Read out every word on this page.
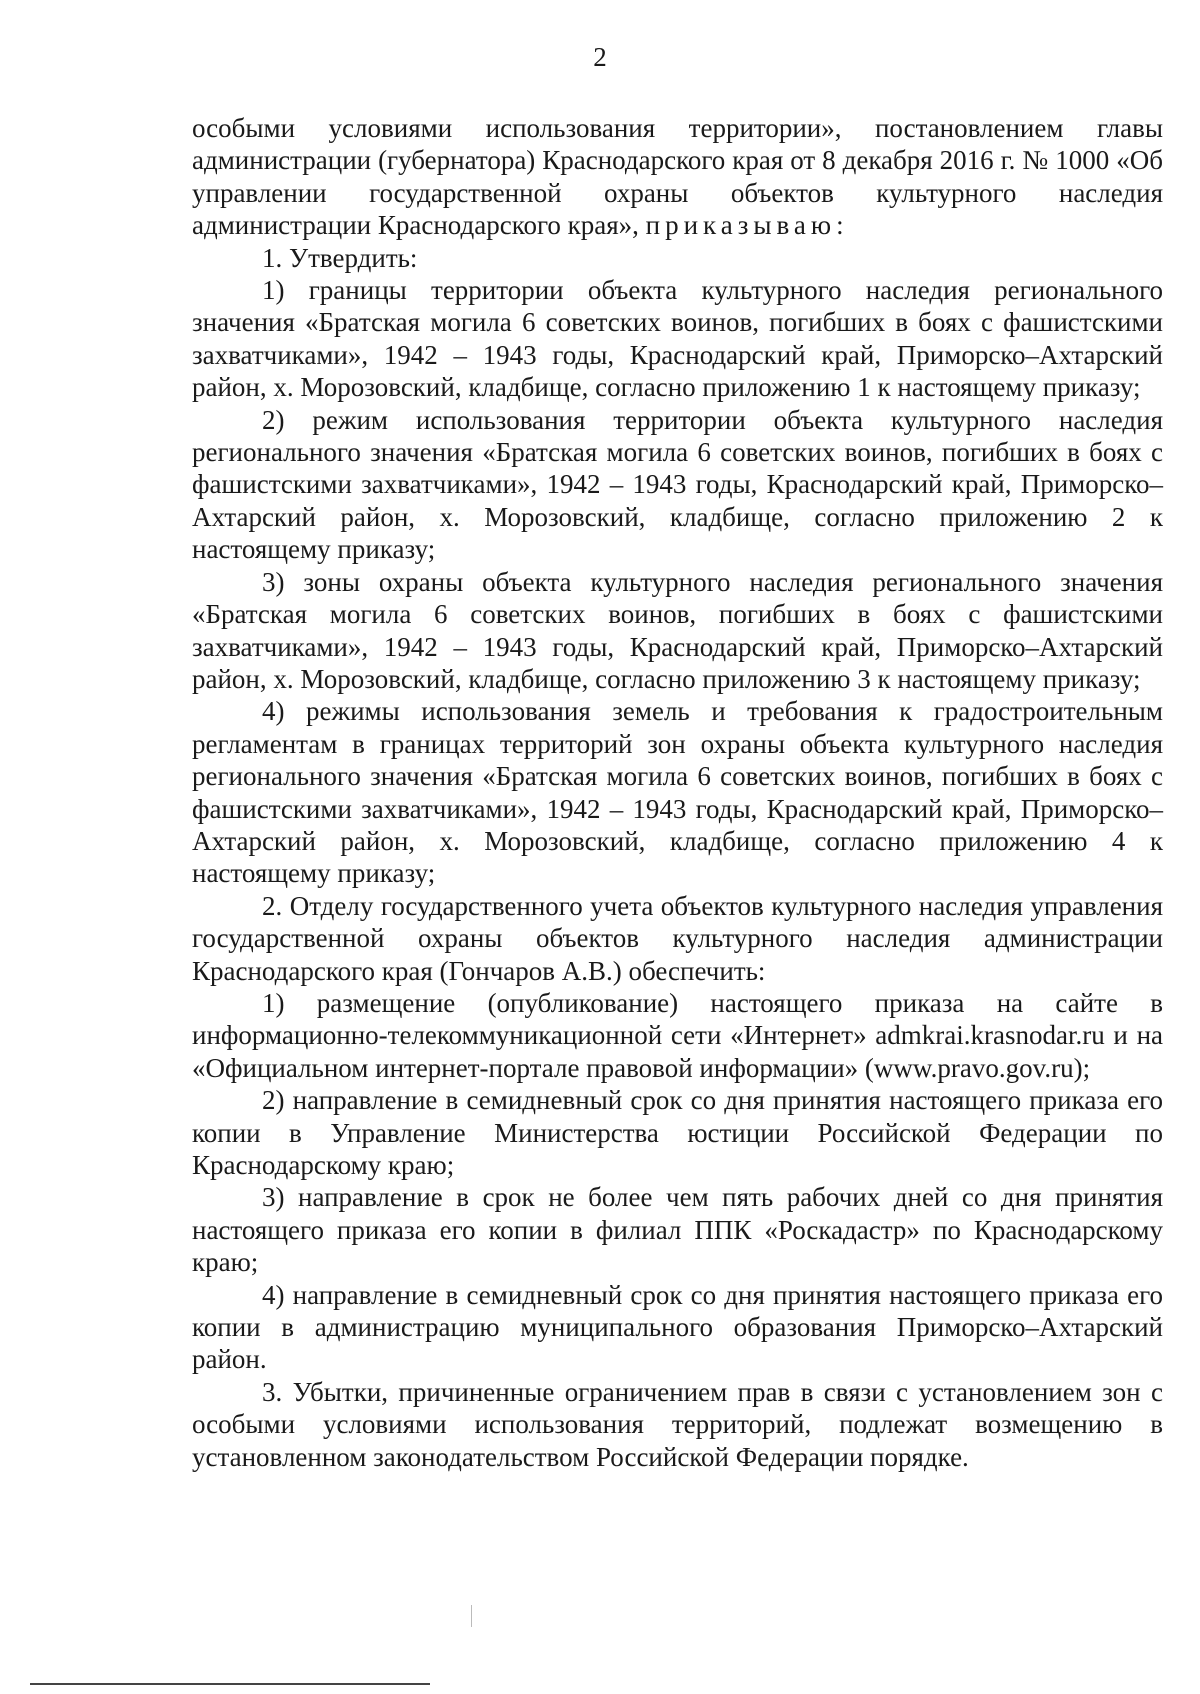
2

особыми условиями использования территории», постановлением главы администрации (губернатора) Краснодарского края от 8 декабря 2016 г. № 1000 «Об управлении государственной охраны объектов культурного наследия администрации Краснодарского края», приказываю:

1. Утвердить:

1) границы территории объекта культурного наследия регионального значения «Братская могила 6 советских воинов, погибших в боях с фашистскими захватчиками», 1942 – 1943 годы, Краснодарский край, Приморско–Ахтарский район, х. Морозовский, кладбище, согласно приложению 1 к настоящему приказу;

2) режим использования территории объекта культурного наследия регионального значения «Братская могила 6 советских воинов, погибших в боях с фашистскими захватчиками», 1942 – 1943 годы, Краснодарский край, Приморско–Ахтарский район, х. Морозовский, кладбище, согласно приложению 2 к настоящему приказу;

3) зоны охраны объекта культурного наследия регионального значения «Братская могила 6 советских воинов, погибших в боях с фашистскими захватчиками», 1942 – 1943 годы, Краснодарский край, Приморско–Ахтарский район, х. Морозовский, кладбище, согласно приложению 3 к настоящему приказу;

4) режимы использования земель и требования к градостроительным регламентам в границах территорий зон охраны объекта культурного наследия регионального значения «Братская могила 6 советских воинов, погибших в боях с фашистскими захватчиками», 1942 – 1943 годы, Краснодарский край, Приморско–Ахтарский район, х. Морозовский, кладбище, согласно приложению 4 к настоящему приказу;

2. Отделу государственного учета объектов культурного наследия управления государственной охраны объектов культурного наследия администрации Краснодарского края (Гончаров А.В.) обеспечить:

1) размещение (опубликование) настоящего приказа на сайте в информационно-телекоммуникационной сети «Интернет» admkrai.krasnodar.ru и на «Официальном интернет-портале правовой информации» (www.pravo.gov.ru);

2) направление в семидневный срок со дня принятия настоящего приказа его копии в Управление Министерства юстиции Российской Федерации по Краснодарскому краю;

3) направление в срок не более чем пять рабочих дней со дня принятия настоящего приказа его копии в филиал ППК «Роскадастр» по Краснодарскому краю;

4) направление в семидневный срок со дня принятия настоящего приказа его копии в администрацию муниципального образования Приморско–Ахтарский район.

3. Убытки, причиненные ограничением прав в связи с установлением зон с особыми условиями использования территорий, подлежат возмещению в установленном законодательством Российской Федерации порядке.
